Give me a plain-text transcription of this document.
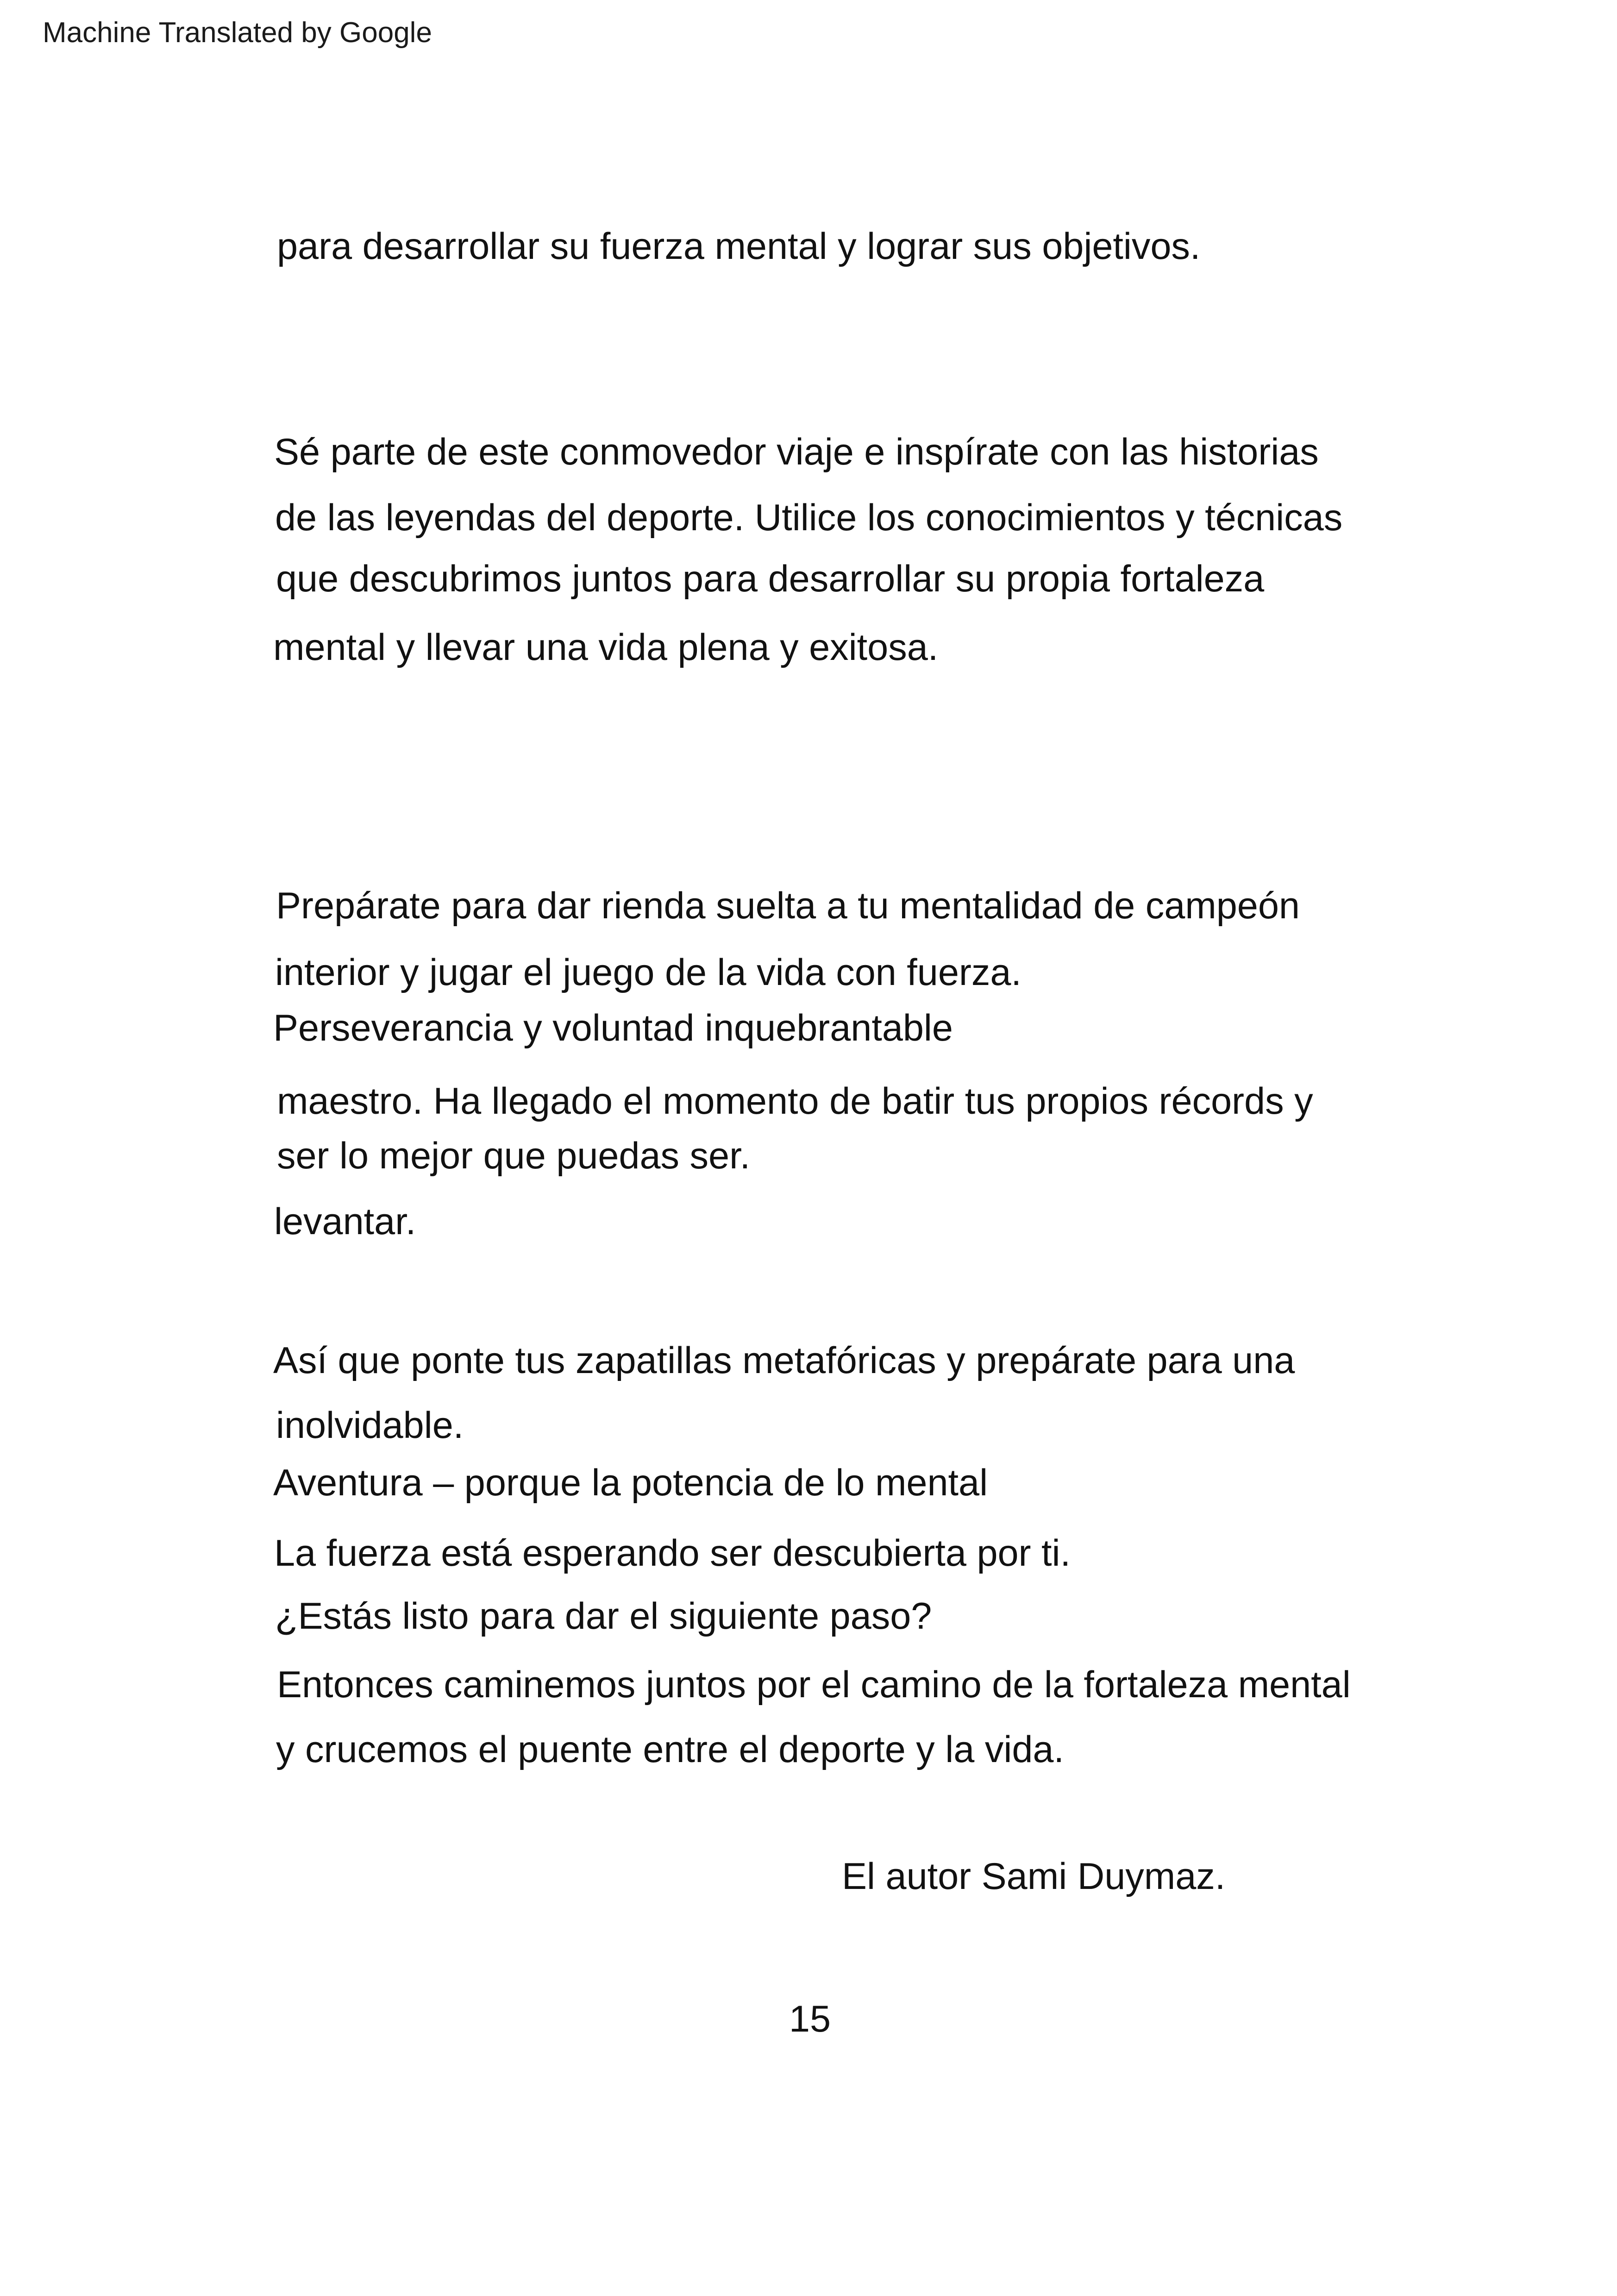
Machine Translated by Google
para desarrollar su fuerza mental y lograr sus objetivos.
Sé parte de este conmovedor viaje e inspírate con las historias
de las leyendas del deporte. Utilice los conocimientos y técnicas
que descubrimos juntos para desarrollar su propia fortaleza
mental y llevar una vida plena y exitosa.
Prepárate para dar rienda suelta a tu mentalidad de campeón
interior y jugar el juego de la vida con fuerza.
Perseverancia y voluntad inquebrantable
maestro. Ha llegado el momento de batir tus propios récords y
ser lo mejor que puedas ser.
levantar.
Así que ponte tus zapatillas metafóricas y prepárate para una
inolvidable.
Aventura – porque la potencia de lo mental
La fuerza está esperando ser descubierta por ti.
¿Estás listo para dar el siguiente paso?
Entonces caminemos juntos por el camino de la fortaleza mental
y crucemos el puente entre el deporte y la vida.
El autor Sami Duymaz.
15
